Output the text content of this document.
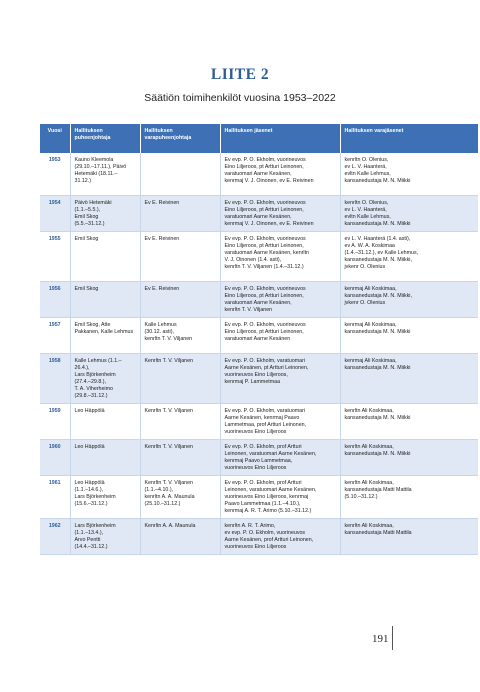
LIITE 2
Säätiön toimihenkilöt vuosina 1953–2022
Vuosi	Hallituksen puheenjohtaja	Hallituksen varapuheenjohtaja	Hallituksen jäsenet	Hallituksen varajäsenet
1953	Kauno Kleemola
(29.10.–17.11.), Päivö
Hetemäki (18.11.–
31.12.)		Ev evp. P. O. Ekholm, vuorineuvos
Eino Liljeroos, pt Artturi Leinonen,
varatuomari Aarne Kesänen,
kenrmaj V. J. Oinonen, ev E. Reivinen	kenrltn O. Olenius,
ev L. V. Haanterä,
evltn Kalle Lehmus,
kansanedustaja M. N. Miikki
1954	Päivö Hetemäki
(1.1.–5.5.),
Emil Skog
(5.5.–31.12.)	Ev E. Reivinen	Ev evp. P. O. Ekholm, vuorineuvos
Eino Liljeroos, pt Artturi Leinonen,
varatuomari Aarne Kesänen,
kenrmaj V. J. Oinonen, ev E. Reivinen	kenrltn O. Olenius,
ev L. V. Haanterä,
evltn Kalle Lehmus,
kansanedustaja M. N. Miikki
1955	Emil Skog	Ev E. Reivinen	Ev evp. P. O. Ekholm, vuorineuvos
Eino Liljeroos, pt Artturi Leinonen,
varatuomari Aarne Kesänen, kenrltn
V. J. Oinonen (1.4. asti),
kenrltn T. V. Viljanen (1.4.–31.12.)	ev L. V. Haanterä (1.4. asti),
ev A. W. A. Koskimaa
(1.4.–31.12.), ev Kalle Lehmus,
kansanedustaja M. N. Miikki,
jvkenr O. Olenius
1956	Emil Skog	Ev E. Reivinen	Ev evp. P. O. Ekholm, vuorineuvos
Eino Liljeroos, pt Artturi Leinonen,
varatuomari Aarne Kesänen,
kenrltn T. V. Viljanen	kenrmaj Ali Koskimaa,
kansanedustaja M. N. Miikki,
jvkenr O. Olenius
1957	Emil Skog, Atte
Pakkanen, Kalle Lehmus	Kalle Lehmus
(30.12. asti),
kenrltn T. V. Viljanen	Ev evp. P. O. Ekholm, vuorineuvos
Eino Liljeroos, pt Artturi Leinonen,
varatuomari Aarne Kesänen	kenrmaj Ali Koskimaa,
kansanedustaja M. N. Miikki
1958	Kalle Lehmus (1.1.–26.4.),
Lars Björkenheim
(27.4.–29.8.),
T. A. Viherheimo
(29.8.–31.12.)	Kenrltn T. V. Viljanen	Ev evp. P. O. Ekholm, varatuomari
Aarne Kesänen, pt Artturi Leinonen,
vuorineuvos Eino Liljeroos,
kenrmaj P. Lammetmaa	kenrmaj Ali Koskimaa,
kansanedustaja M. N. Miikki
1959	Leo Häppölä	Kenrltn T. V. Viljanen	Ev evp. P. O. Ekholm, varatuomari
Aarne Kesänen, kenrmaj Paavo
Lammetmaa, prof Artturi Leinonen,
vuorineuvos Eino Liljeroos	kenrltn Ali Koskimaa,
kansanedustaja M. N. Miikki
1960	Leo Häppölä	Kenrltn T. V. Viljanen	Ev evp. P. O. Ekholm, prof Artturi
Leinonen, varatuomari Aarne Kesänen,
kenrmaj Paavo Lammetmaa,
vuorineuvos Eino Liljeroos	kenrltn Ali Koskimaa,
kansanedustaja M. N. Miikki
1961	Leo Häppölä
(1.1.–14.6.),
Lars Björkenheim
(15.6.–31.12.)	Kenrltn T. V. Viljanen
(1.1.–4.10.),
kenrltn A. A. Maunula
(25.10.–31.12.)	Ev evp. P. O. Ekholm, prof Artturi
Leinonen, varatuomari Aarne Kesänen,
vuorineuvos Eino Liljeroos, kenrmaj
Paavo Lammetmaa (1.1.–4.10.),
kenrmaj A. R. T. Arimo (5.10.–31.12.)	kenrltn Ali Koskimaa,
kansanedustaja Matti Mattila
(5.10.–31.12.)
1962	Lars Björkenheim
(1.1.–13.4.),
Arvo Pentti
(14.4.–31.12.)	Kenrltn A. A. Maunula	kenrltn A. R. T. Arimo,
ev evp. P. O. Ekholm, vuorineuvos
Aarne Kesänen, prof Artturi Leinonen,
vuorineuvos Eino Liljeroos	kenrltn Ali Koskimaa,
kansanedustaja Matti Mattila
191
